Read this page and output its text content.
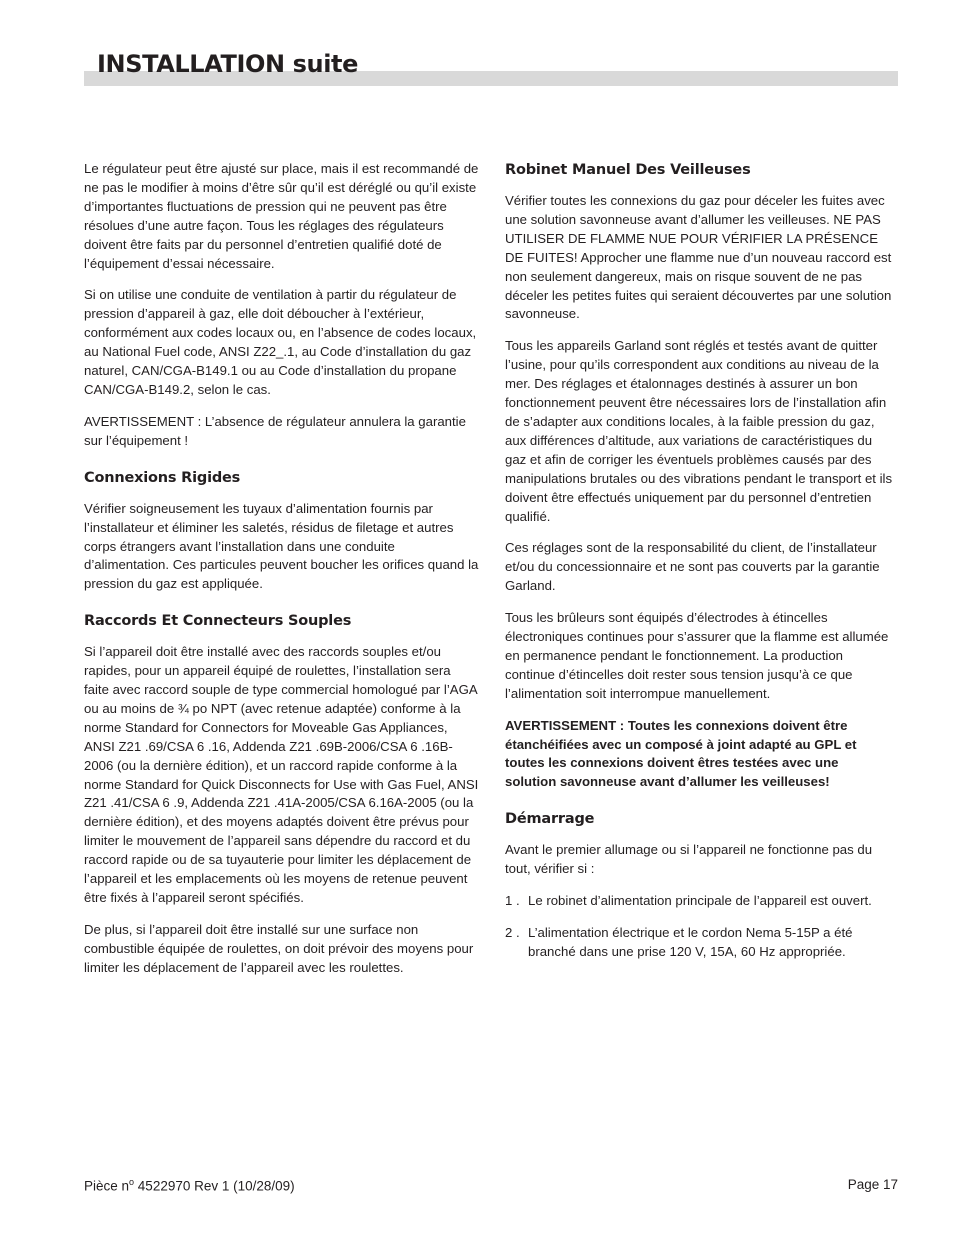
INSTALLATION suite

Le régulateur peut être ajusté sur place, mais il est recommandé de ne pas le modifier à moins d’être sûr qu’il est déréglé ou qu’il existe d’importantes fluctuations de pression qui ne peuvent pas être résolues d’une autre façon. Tous les réglages des régulateurs doivent être faits par du personnel d’entretien qualifié doté de l’équipement d’essai nécessaire.

Si on utilise une conduite de ventilation à partir du régulateur de pression d’appareil à gaz, elle doit déboucher à l’extérieur, conformément aux codes locaux ou, en l’absence de codes locaux, au National Fuel code, ANSI Z22_.1, au Code d’installation du gaz naturel, CAN/CGA-B149.1 ou au Code d’installation du propane CAN/CGA-B149.2, selon le cas.

AVERTISSEMENT : L’absence de régulateur annulera la garantie sur l’équipement !

Connexions Rigides

Vérifier soigneusement les tuyaux d’alimentation fournis par l’installateur et éliminer les saletés, résidus de filetage et autres corps étrangers avant l’installation dans une conduite d’alimentation. Ces particules peuvent boucher les orifices quand la pression du gaz est appliquée.

Raccords Et Connecteurs Souples

Si l’appareil doit être installé avec des raccords souples et/ou rapides, pour un appareil équipé de roulettes, l’installation sera faite avec raccord souple de type commercial homologué par l’AGA ou au moins de ¾ po NPT (avec retenue adaptée) conforme à la norme Standard for Connectors for Moveable Gas Appliances, ANSI Z21 .69/CSA 6 .16, Addenda Z21 .69B-2006/CSA 6 .16B-2006 (ou la dernière édition), et un raccord rapide conforme à la norme Standard for Quick Disconnects for Use with Gas Fuel, ANSI Z21 .41/CSA 6 .9, Addenda Z21 .41A-2005/CSA 6.16A-2005 (ou la dernière édition), et des moyens adaptés doivent être prévus pour limiter le mouvement de l’appareil sans dépendre du raccord et du raccord rapide ou de sa tuyauterie pour limiter les déplacement de l’appareil et les emplacements où les moyens de retenue peuvent être fixés à l’appareil seront spécifiés.

De plus, si l’appareil doit être installé sur une surface non combustible équipée de roulettes, on doit prévoir des moyens pour limiter les déplacement de l’appareil avec les roulettes.

Robinet Manuel Des Veilleuses

Vérifier toutes les connexions du gaz pour déceler les fuites avec une solution savonneuse avant d’allumer les veilleuses. NE PAS UTILISER DE FLAMME NUE POUR VÉRIFIER LA PRÉSENCE DE FUITES! Approcher une flamme nue d’un nouveau raccord est non seulement dangereux, mais on risque souvent de ne pas déceler les petites fuites qui seraient découvertes par une solution savonneuse.

Tous les appareils Garland sont réglés et testés avant de quitter l’usine, pour qu’ils correspondent aux conditions au niveau de la mer. Des réglages et étalonnages destinés à assurer un bon fonctionnement peuvent être nécessaires lors de l’installation afin de s’adapter aux conditions locales, à la faible pression du gaz, aux différences d’altitude, aux variations de caractéristiques du gaz et afin de corriger les éventuels problèmes causés par des manipulations brutales ou des vibrations pendant le transport et ils doivent être effectués uniquement par du personnel d’entretien qualifié.

Ces réglages sont de la responsabilité du client, de l’installateur et/ou du concessionnaire et ne sont pas couverts par la garantie Garland.

Tous les brûleurs sont équipés d’électrodes à étincelles électroniques continues pour s’assurer que la flamme est allumée en permanence pendant le fonctionnement. La production continue d’étincelles doit rester sous tension jusqu’à ce que l’alimentation soit interrompue manuellement.

AVERTISSEMENT : Toutes les connexions doivent être étanchéifiées avec un composé à joint adapté au GPL et toutes les connexions doivent êtres testées avec une solution savonneuse avant d’allumer les veilleuses!

Démarrage

Avant le premier allumage ou si l’appareil ne fonctionne pas du tout, vérifier si :

1 . Le robinet d’alimentation principale de l’appareil est ouvert.
2 . L’alimentation électrique et le cordon Nema 5-15P a été branché dans une prise 120 V, 15A, 60 Hz appropriée.
Pièce $n^o$ 4522970 Rev 1 (10/28/09)	Page 17
